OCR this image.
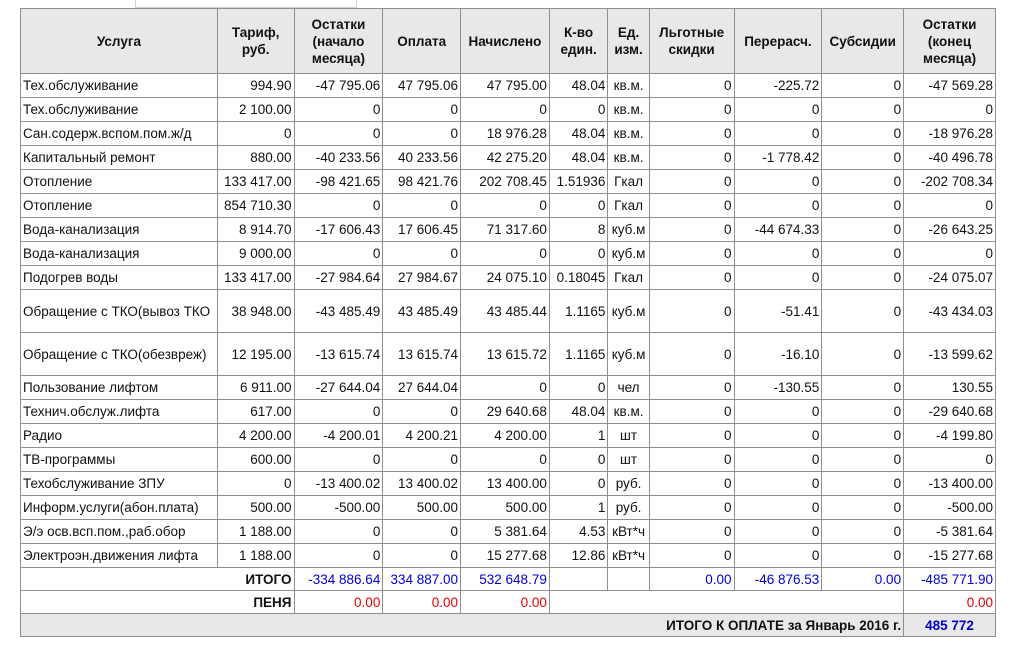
Услуга	Тариф, руб.	Остатки (начало месяца)	Оплата	Начислено	К-во един.	Ед. изм.	Льготные скидки	Перерасч.	Субсидии	Остатки (конец месяца)
Тех.обслуживание	994.90	-47 795.06	47 795.06	47 795.00	48.04	кв.м.	0	-225.72	0	-47 569.28
Тех.обслуживание	2 100.00	0	0	0	0	кв.м.	0	0	0	0
Сан.содерж.вспом.пом.ж/д	0	0	0	18 976.28	48.04	кв.м.	0	0	0	-18 976.28
Капитальный ремонт	880.00	-40 233.56	40 233.56	42 275.20	48.04	кв.м.	0	-1 778.42	0	-40 496.78
Отопление	133 417.00	-98 421.65	98 421.76	202 708.45	1.51936	Гкал	0	0	0	-202 708.34
Отопление	854 710.30	0	0	0	0	Гкал	0	0	0	0
Вода-канализация	8 914.70	-17 606.43	17 606.45	71 317.60	8	куб.м	0	-44 674.33	0	-26 643.25
Вода-канализация	9 000.00	0	0	0	0	куб.м	0	0	0	0
Подогрев воды	133 417.00	-27 984.64	27 984.67	24 075.10	0.18045	Гкал	0	0	0	-24 075.07
Обращение с ТКО(вывоз ТКО	38 948.00	-43 485.49	43 485.49	43 485.44	1.1165	куб.м	0	-51.41	0	-43 434.03
Обращение с ТКО(обезвреж)	12 195.00	-13 615.74	13 615.74	13 615.72	1.1165	куб.м	0	-16.10	0	-13 599.62
Пользование лифтом	6 911.00	-27 644.04	27 644.04	0	0	чел	0	-130.55	0	130.55
Технич.обслуж.лифта	617.00	0	0	29 640.68	48.04	кв.м.	0	0	0	-29 640.68
Радио	4 200.00	-4 200.01	4 200.21	4 200.00	1	шт	0	0	0	-4 199.80
ТВ-программы	600.00	0	0	0	0	шт	0	0	0	0
Техобслуживание ЗПУ	0	-13 400.02	13 400.02	13 400.00	0	руб.	0	0	0	-13 400.00
Информ.услуги(абон.плата)	500.00	-500.00	500.00	500.00	1	руб.	0	0	0	-500.00
Э/э осв.всп.пом.,раб.обор	1 188.00	0	0	5 381.64	4.53	кВт*ч	0	0	0	-5 381.64
Электроэн.движения лифта	1 188.00	0	0	15 277.68	12.86	кВт*ч	0	0	0	-15 277.68
ИТОГО		-334 886.64	334 887.00	532 648.79			0.00	-46 876.53	0.00	-485 771.90
ПЕНЯ		0.00	0.00	0.00						0.00
ИТОГО К ОПЛАТЕ за Январь 2016 г.										485 772
